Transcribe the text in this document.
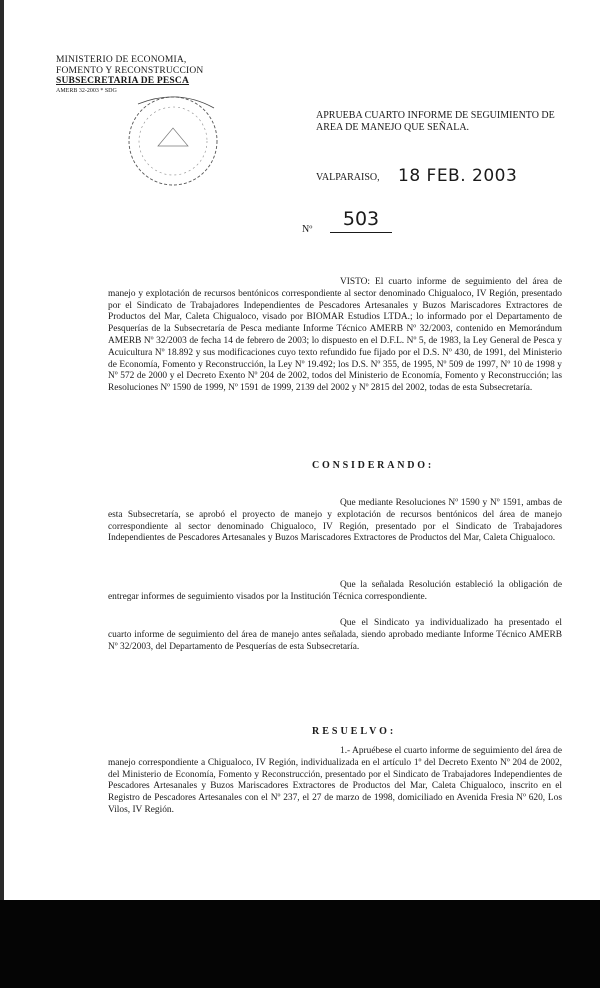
MINISTERIO DE ECONOMIA,
FOMENTO Y RECONSTRUCCION
SUBSECRETARIA DE PESCA
AMERB 32-2003 * SDG
APRUEBA CUARTO INFORME DE SEGUIMIENTO DE AREA DE MANEJO QUE SEÑALA.
VALPARAISO, 18 FEB. 2003
Nº	503
VISTO: El cuarto informe de seguimiento del área de manejo y explotación de recursos bentónicos correspondiente al sector denominado Chigualoco, IV Región, presentado por el Sindicato de Trabajadores Independientes de Pescadores Artesanales y Buzos Mariscadores Extractores de Productos del Mar, Caleta Chigualoco, visado por BIOMAR Estudios LTDA.; lo informado por el Departamento de Pesquerías de la Subsecretaría de Pesca mediante Informe Técnico AMERB Nº 32/2003, contenido en Memorándum AMERB Nº 32/2003 de fecha 14 de febrero de 2003; lo dispuesto en el D.F.L. Nº 5, de 1983, la Ley General de Pesca y Acuicultura Nº 18.892 y sus modificaciones cuyo texto refundido fue fijado por el D.S. Nº 430, de 1991, del Ministerio de Economía, Fomento y Reconstrucción, la Ley Nº 19.492; los D.S. Nº 355, de 1995, Nº 509 de 1997, Nº 10 de 1998 y Nº 572 de 2000 y el Decreto Exento Nº 204 de 2002, todos del Ministerio de Economía, Fomento y Reconstrucción; las Resoluciones Nº 1590 de 1999, Nº 1591 de 1999, 2139 del 2002 y Nº 2815 del 2002, todas de esta Subsecretaría.
CONSIDERANDO:
Que mediante Resoluciones Nº 1590 y Nº 1591, ambas de esta Subsecretaría, se aprobó el proyecto de manejo y explotación de recursos bentónicos del área de manejo correspondiente al sector denominado Chigualoco, IV Región, presentado por el Sindicato de Trabajadores Independientes de Pescadores Artesanales y Buzos Mariscadores Extractores de Productos del Mar, Caleta Chigualoco.
Que la señalada Resolución estableció la obligación de entregar informes de seguimiento visados por la Institución Técnica correspondiente.
Que el Sindicato ya individualizado ha presentado el cuarto informe de seguimiento del área de manejo antes señalada, siendo aprobado mediante Informe Técnico AMERB Nº 32/2003, del Departamento de Pesquerías de esta Subsecretaría.
RESUELVO:
1.- Apruébese el cuarto informe de seguimiento del área de manejo correspondiente a Chigualoco, IV Región, individualizada en el artículo 1º del Decreto Exento Nº 204 de 2002, del Ministerio de Economía, Fomento y Reconstrucción, presentado por el Sindicato de Trabajadores Independientes de Pescadores Artesanales y Buzos Mariscadores Extractores de Productos del Mar, Caleta Chigualoco, inscrito en el Registro de Pescadores Artesanales con el Nº 237, el 27 de marzo de 1998, domiciliado en Avenida Fresia Nº 620, Los Vilos, IV Región.
